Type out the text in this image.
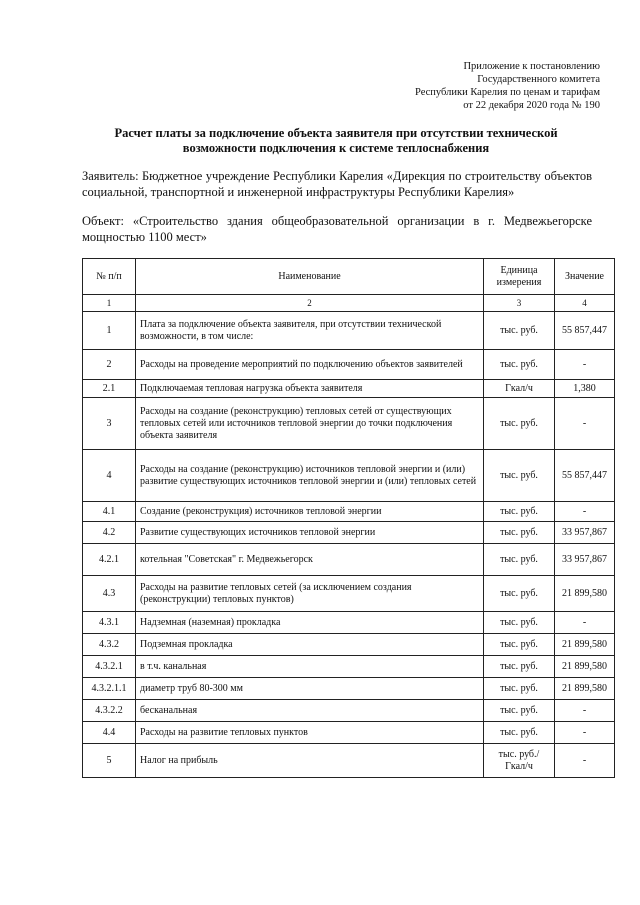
Приложение к постановлению
Государственного комитета
Республики Карелия по ценам и тарифам
от 22 декабря 2020 года № 190
Расчет платы за подключение объекта заявителя при отсутствии технической
возможности подключения к системе теплоснабжения
Заявитель: Бюджетное учреждение Республики Карелия «Дирекция по строительству объектов социальной, транспортной и инженерной инфраструктуры Республики Карелия»
Объект: «Строительство здания общеобразовательной организации в г. Медвежьегорске мощностью 1100 мест»
№ п/п	Наименование	Единица измерения	Значение
1	2	3	4
1	Плата за подключение объекта заявителя, при отсутствии технической возможности, в том числе:	тыс. руб.	55 857,447
2	Расходы на проведение мероприятий по подключению объектов заявителей	тыс. руб.	-
2.1	Подключаемая тепловая нагрузка объекта заявителя	Гкал/ч	1,380
3	Расходы на создание (реконструкцию) тепловых сетей от существующих тепловых сетей или источников тепловой энергии до точки подключения объекта заявителя	тыс. руб.	-
4	Расходы на создание (реконструкцию) источников тепловой энергии и (или) развитие существующих источников тепловой энергии и (или) тепловых сетей	тыс. руб.	55 857,447
4.1	Создание (реконструкция) источников тепловой энергии	тыс. руб.	-
4.2	Развитие существующих источников тепловой энергии	тыс. руб.	33 957,867
4.2.1	котельная "Советская" г. Медвежьегорск	тыс. руб.	33 957,867
4.3	Расходы на развитие тепловых сетей (за исключением создания (реконструкции) тепловых пунктов)	тыс. руб.	21 899,580
4.3.1	Надземная (наземная) прокладка	тыс. руб.	-
4.3.2	Подземная прокладка	тыс. руб.	21 899,580
4.3.2.1	в т.ч. канальная	тыс. руб.	21 899,580
4.3.2.1.1	диаметр труб 80-300 мм	тыс. руб.	21 899,580
4.3.2.2	бесканальная	тыс. руб.	-
4.4	Расходы на развитие тепловых пунктов	тыс. руб.	-
5	Налог на прибыль	тыс. руб./ Гкал/ч	-
